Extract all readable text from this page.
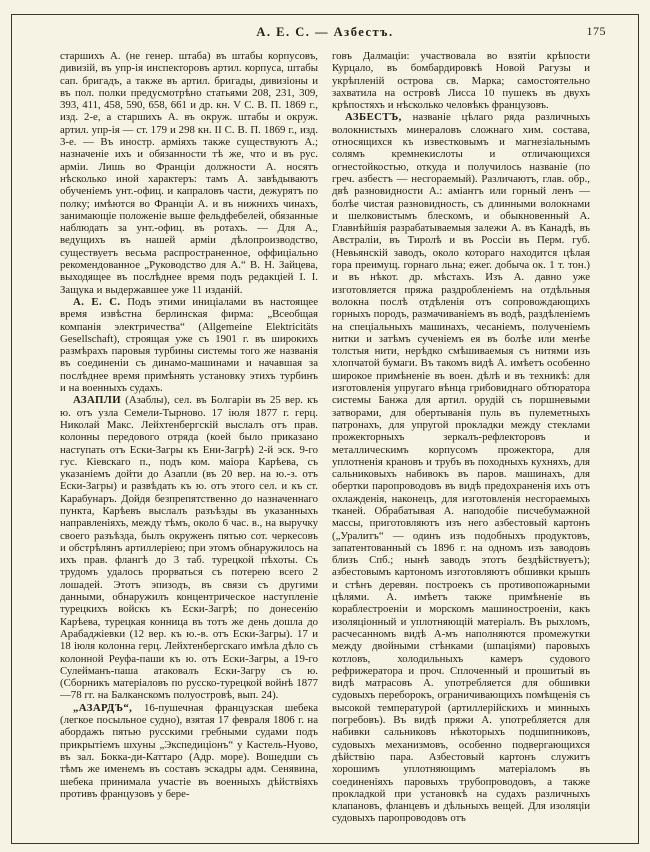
А. Е. С. — Азбестъ.	175

старшихъ А. (не генер. штаба) въ штабы корпусовъ, дивизій, въ упр-ія инспекторовъ артил. корпуса, штабы сап. бригадъ, а также въ артил. бригады, дивизіоны и въ пол. полки предусмотрѣно статьями 208, 231, 309, 393, 411, 458, 590, 658, 661 и др. кн. V С. В. П. 1869 г., изд. 2-е, а старшихъ А. въ окруж. штабы и окруж. артил. упр-ія — ст. 179 и 298 кн. II С. В. П. 1869 г., изд. 3-е. — Въ иностр. арміяхъ также существуютъ А.; назначеніе ихъ и обязанности тѣ же, что и въ рус. арміи. Лишь во Франціи должности А. носятъ нѣсколько иной характеръ: тамъ А. завѣдываютъ обученіемъ унт.-офиц. и капраловъ части, дежурятъ по полку; имѣются во Франціи А. и въ нижнихъ чинахъ, занимающіе положеніе выше фельдфебелей, обязанные наблюдать за унт.-офиц. въ ротахъ. — Для А., ведущихъ въ нашей арміи дѣлопроизводство, существуетъ весьма распространенное, оффиціально рекомендованное „Руководство для А.“ В. Н. Зайцева, выходящее въ послѣднее время подъ редакціей І. І. Защука и выдержавшее уже 11 изданій.

А. Е. С. Подъ этими иниціалами въ настоящее время извѣстна берлинская фирма: „Всеобщая компанія электричества“ (Allgemeine Elektricitäts Gesellschaft), строящая уже съ 1901 г. въ широкихъ размѣрахъ паровыя турбины системы того же названія въ соединеніи съ динамо-машинами и начавшая за послѣднее время примѣнять установку этихъ турбинъ и на военныхъ судахъ.

АЗАПЛИ (Азаблы), сел. въ Болгаріи въ 25 вер. къ ю. отъ узла Семели-Тырново. 17 іюля 1877 г. герц. Николай Макс. Лейхтенбергскій выслалъ отъ прав. колонны передового отряда (коей было приказано наступать отъ Ески-Загры къ Ени-Загрѣ) 2-й эск. 9-го гус. Кіевскаго п., подъ ком. маіора Карѣева, съ указаніемъ дойти до Азапли (въ 20 вер. на ю.-з. отъ Ески-Загры) и развѣдать къ ю. отъ этого сел. и къ ст. Карабунаръ. Дойдя безпрепятственно до назначеннаго пункта, Карѣевъ выслалъ разъѣзды въ указанныхъ направленіяхъ, между тѣмъ, около 6 час. в., на выручку своего разъѣзда, былъ окруженъ пятью сот. черкесовъ и обстрѣлянъ артиллеріею; при этомъ обнаружилось на ихъ прав. флангѣ до 3 таб. турецкой пѣхоты. Съ трудомъ удалось прорваться съ потерею всего 2 лошадей. Этотъ эпизодъ, въ связи съ другими данными, обнаружилъ концентрическое наступленіе турецкихъ войскъ къ Ески-Загрѣ; по донесенію Карѣева, турецкая конница въ тотъ же день дошла до Арабаджіевки (12 вер. къ ю.-в. отъ Ески-Загры). 17 и 18 іюля колонна герц. Лейхтенбергскаго имѣла дѣло съ колонной Реуфа-паши къ ю. отъ Ески-Загры, а 19-го Сулейманъ-паша атаковалъ Ески-Загру съ ю. (Сборникъ матеріаловъ по русско-турецкой войнѣ 1877—78 гг. на Балканскомъ полуостровѣ, вып. 24).

„АЗАРДЪ“, 16-пушечная французская шебека (легкое посыльное судно), взятая 17 февраля 1806 г. на абордажъ пятью русскими гребными судами подъ прикрытіемъ шхуны „Экспедиціонъ“ у Кастель-Нуово, въ зал. Бокка-ди-Каттаро (Адр. море). Вошедши съ тѣмъ же именемъ въ составъ эскадры адм. Сенявина, шебека принимала участіе въ военныхъ дѣйствіяхъ противъ французовъ у бере-

говъ Далмаціи: участвовала во взятіи крѣпости Курцало, въ бомбардировкѣ Новой Рагузы и укрѣпленій острова св. Марка; самостоятельно захватила на островѣ Лисса 10 пушекъ въ двухъ крѣпостяхъ и нѣсколько человѣкъ французовъ.

АЗБЕСТЪ, названіе цѣлаго ряда различныхъ волокнистыхъ минераловъ сложнаго хим. состава, относящихся къ известковымъ и магнезіальнымъ солямъ кремнекислоты и отличающихся огнестойкостью, откуда и получилось названіе (по греч. азбестъ — несгораемый). Различаютъ, глав. обр., двѣ разновидности А.: аміантъ или горный ленъ — болѣе чистая разновидность, съ длинными волокнами и шелковистымъ блескомъ, и обыкновенный А. Главнѣйшія разрабатываемыя залежи А. въ Канадѣ, въ Австраліи, въ Тиролѣ и въ Россіи въ Перм. губ. (Невьянскій заводъ, около котораго находится цѣлая гора преимущ. горнаго льна; ежег. добыча ок. 1 т. тон.) и въ нѣкот. др. мѣстахъ. Изъ А. давно уже изготовляется пряжа раздробленіемъ на отдѣльныя волокна послѣ отдѣленія отъ сопровождающихъ горныхъ породъ, размачиваніемъ въ водѣ, раздѣленіемъ на спеціальныхъ машинахъ, чесаніемъ, полученіемъ нитки и затѣмъ сученіемъ ея въ болѣе или менѣе толстыя нити, нерѣдко смѣшиваемыя съ нитями изъ хлопчатой бумаги. Въ такомъ видѣ А. имѣетъ особенно широкое примѣненіе въ воен. дѣлѣ и въ техникѣ: для изготовленія упругаго вѣнца грибовиднаго обтюратора системы Банжа для артил. орудій съ поршневыми затворами, для обертыванія пуль въ пулеметныхъ патронахъ, для упругой прокладки между стеклами прожекторныхъ зеркалъ-рефлекторовъ и металлическимъ корпусомъ прожектора, для уплотненія крановъ и трубъ въ походныхъ кухняхъ, для сальниковыхъ набивокъ въ паров. машинахъ, для обертки паропроводовъ въ видѣ предохраненія ихъ отъ охлажденія, наконецъ, для изготовленія несгораемыхъ тканей. Обрабатывая А. наподобіе писчебумажной массы, приготовляютъ изъ него азбестовый картонъ („Уралитъ“ — одинъ изъ подобныхъ продуктовъ, запатентованный съ 1896 г. на одномъ изъ заводовъ близъ Спб.; нынѣ заводъ этотъ бездѣйствуетъ); азбестовымъ картономъ изготовляютъ обшивки крышъ и стѣнъ деревян. построекъ съ противопожарными цѣлями. А. имѣетъ также примѣненіе въ кораблестроеніи и морскомъ машиностроеніи, какъ изоляціонный и уплотняющій матеріалъ. Въ рыхломъ, расчесанномъ видѣ А-мъ наполняются промежутки между двойными стѣнками (шпаціями) паровыхъ котловъ, холодильныхъ камеръ судового рефрижератора и проч. Сплоченный и прошитый въ видѣ матрасовъ А. употребляется для обшивки судовыхъ переборокъ, ограничивающихъ помѣщенія съ высокой температурой (артиллерійскихъ и минныхъ погребовъ). Въ видѣ пряжи А. употребляется для набивки сальниковъ нѣкоторыхъ подшипниковъ, судовыхъ механизмовъ, особенно подвергающихся дѣйствію пара. Азбестовый картонъ служитъ хорошимъ уплотняющимъ матеріаломъ въ соединеніяхъ паровыхъ трубопроводовъ, а также прокладкой при установкѣ на судахъ различныхъ клапановъ, фланцевъ и дѣльныхъ вещей. Для изоляціи судовыхъ паропроводовъ отъ
